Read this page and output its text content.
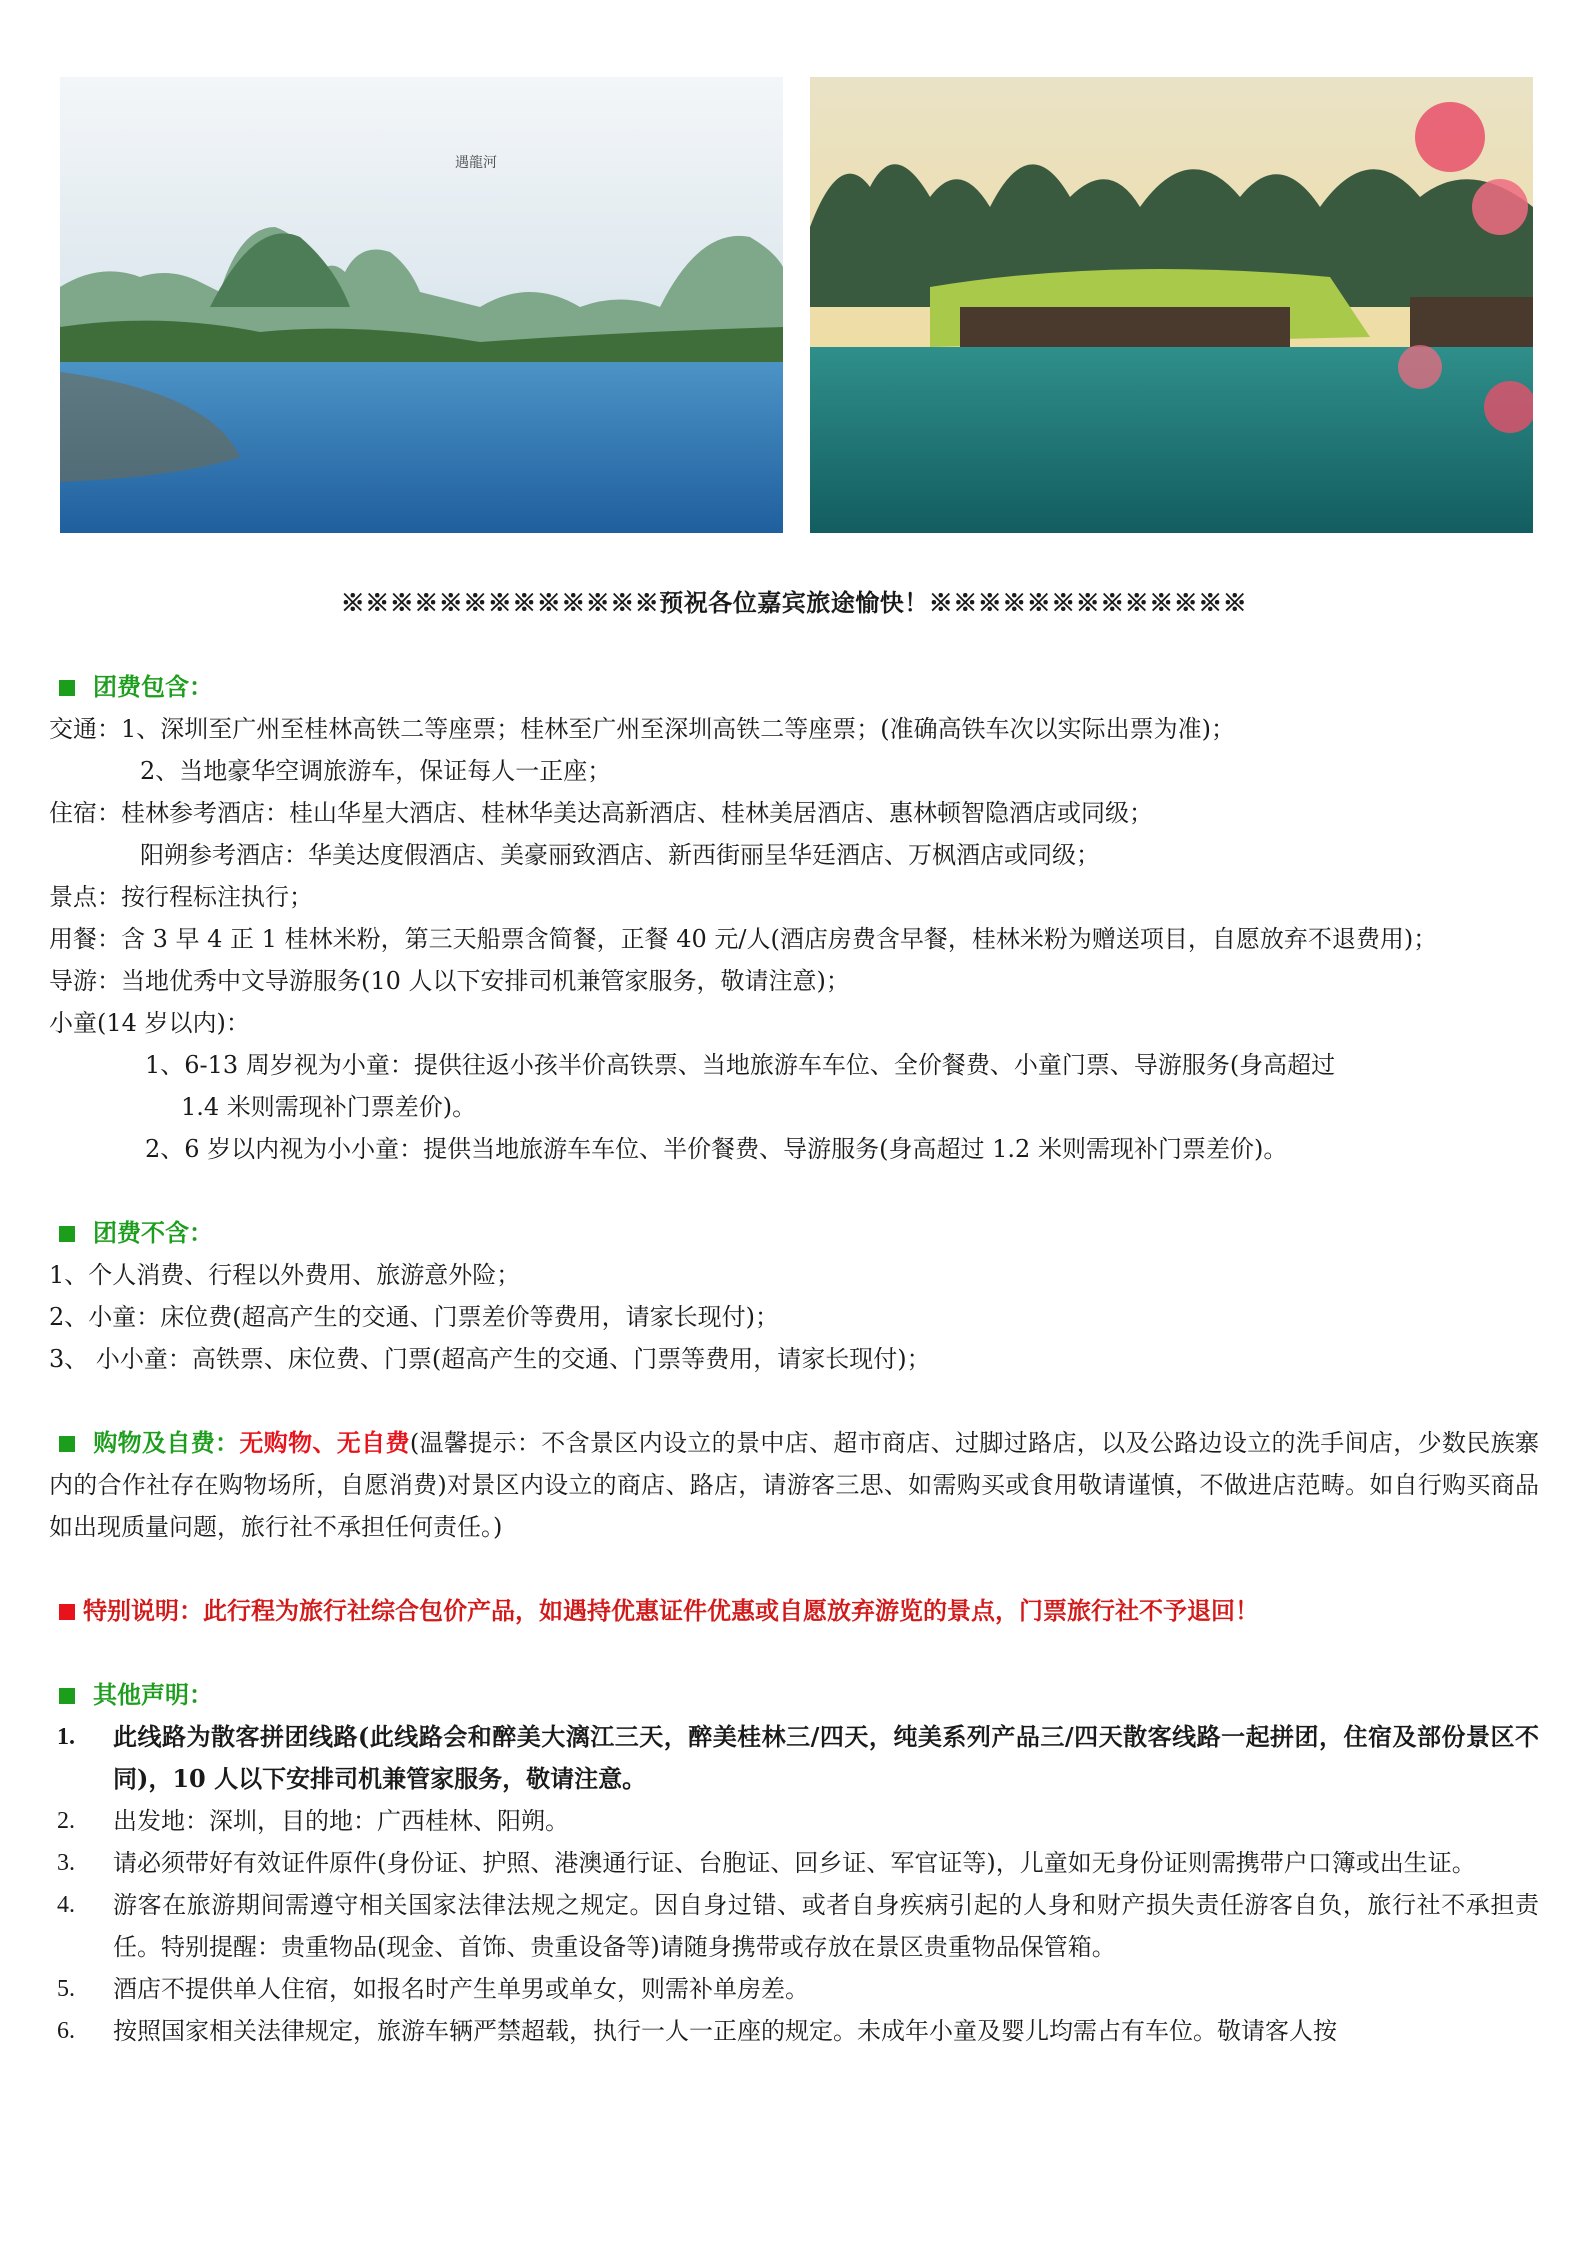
遇龍河
※※※※※※※※※※※※※预祝各位嘉宾旅途愉快！※※※※※※※※※※※※※
团费包含：
交通：1、深圳至广州至桂林高铁二等座票；桂林至广州至深圳高铁二等座票；(准确高铁车次以实际出票为准)；
2、当地豪华空调旅游车，保证每人一正座；
住宿：桂林参考酒店：桂山华星大酒店、桂林华美达高新酒店、桂林美居酒店、惠林顿智隐酒店或同级；
阳朔参考酒店：华美达度假酒店、美豪丽致酒店、新西街丽呈华廷酒店、万枫酒店或同级；
景点：按行程标注执行；
用餐： 含 3 早 4 正 1 桂林米粉，第三天船票含简餐，正餐 40 元/人(酒店房费含早餐，桂林米粉为赠送项目，自愿放弃不退费用)；
导游：当地优秀中文导游服务(10 人以下安排司机兼管家服务，敬请注意)；
小童(14 岁以内)：
1、6-13 周岁视为小童：提供往返小孩半价高铁票、当地旅游车车位、全价餐费、小童门票、导游服务(身高超过
1.4 米则需现补门票差价)。
2、6 岁以内视为小小童：提供当地旅游车车位、半价餐费、导游服务(身高超过 1.2 米则需现补门票差价)。
团费不含：
1、个人消费、行程以外费用、旅游意外险；
2、小童：床位费(超高产生的交通、门票差价等费用，请家长现付)；
3、 小小童：高铁票、床位费、门票(超高产生的交通、门票等费用，请家长现付)；
购物及自费：无购物、无自费(温馨提示：不含景区内设立的景中店、超市商店、过脚过路店，以及公路边设立的洗手间店，少数民族寨内的合作社存在购物场所，自愿消费)对景区内设立的商店、路店，请游客三思、如需购买或食用敬请谨慎，不做进店范畴。如自行购买商品如出现质量问题，旅行社不承担任何责任。)
特别说明：此行程为旅行社综合包价产品，如遇持优惠证件优惠或自愿放弃游览的景点，门票旅行社不予退回！
其他声明：
1.	此线路为散客拼团线路(此线路会和醉美大漓江三天，醉美桂林三/四天，纯美系列产品三/四天散客线路一起拼团，住宿及部份景区不同)，10 人以下安排司机兼管家服务，敬请注意。
2.	出发地：深圳，目的地：广西桂林、阳朔。
3.	请必须带好有效证件原件(身份证、护照、港澳通行证、台胞证、回乡证、军官证等)，儿童如无身份证则需携带户口簿或出生证。
4.	游客在旅游期间需遵守相关国家法律法规之规定。因自身过错、或者自身疾病引起的人身和财产损失责任游客自负，旅行社不承担责任。特别提醒：贵重物品(现金、首饰、贵重设备等)请随身携带或存放在景区贵重物品保管箱。
5.	酒店不提供单人住宿，如报名时产生单男或单女，则需补单房差。
6.	按照国家相关法律规定，旅游车辆严禁超载，执行一人一正座的规定。未成年小童及婴儿均需占有车位。敬请客人按
